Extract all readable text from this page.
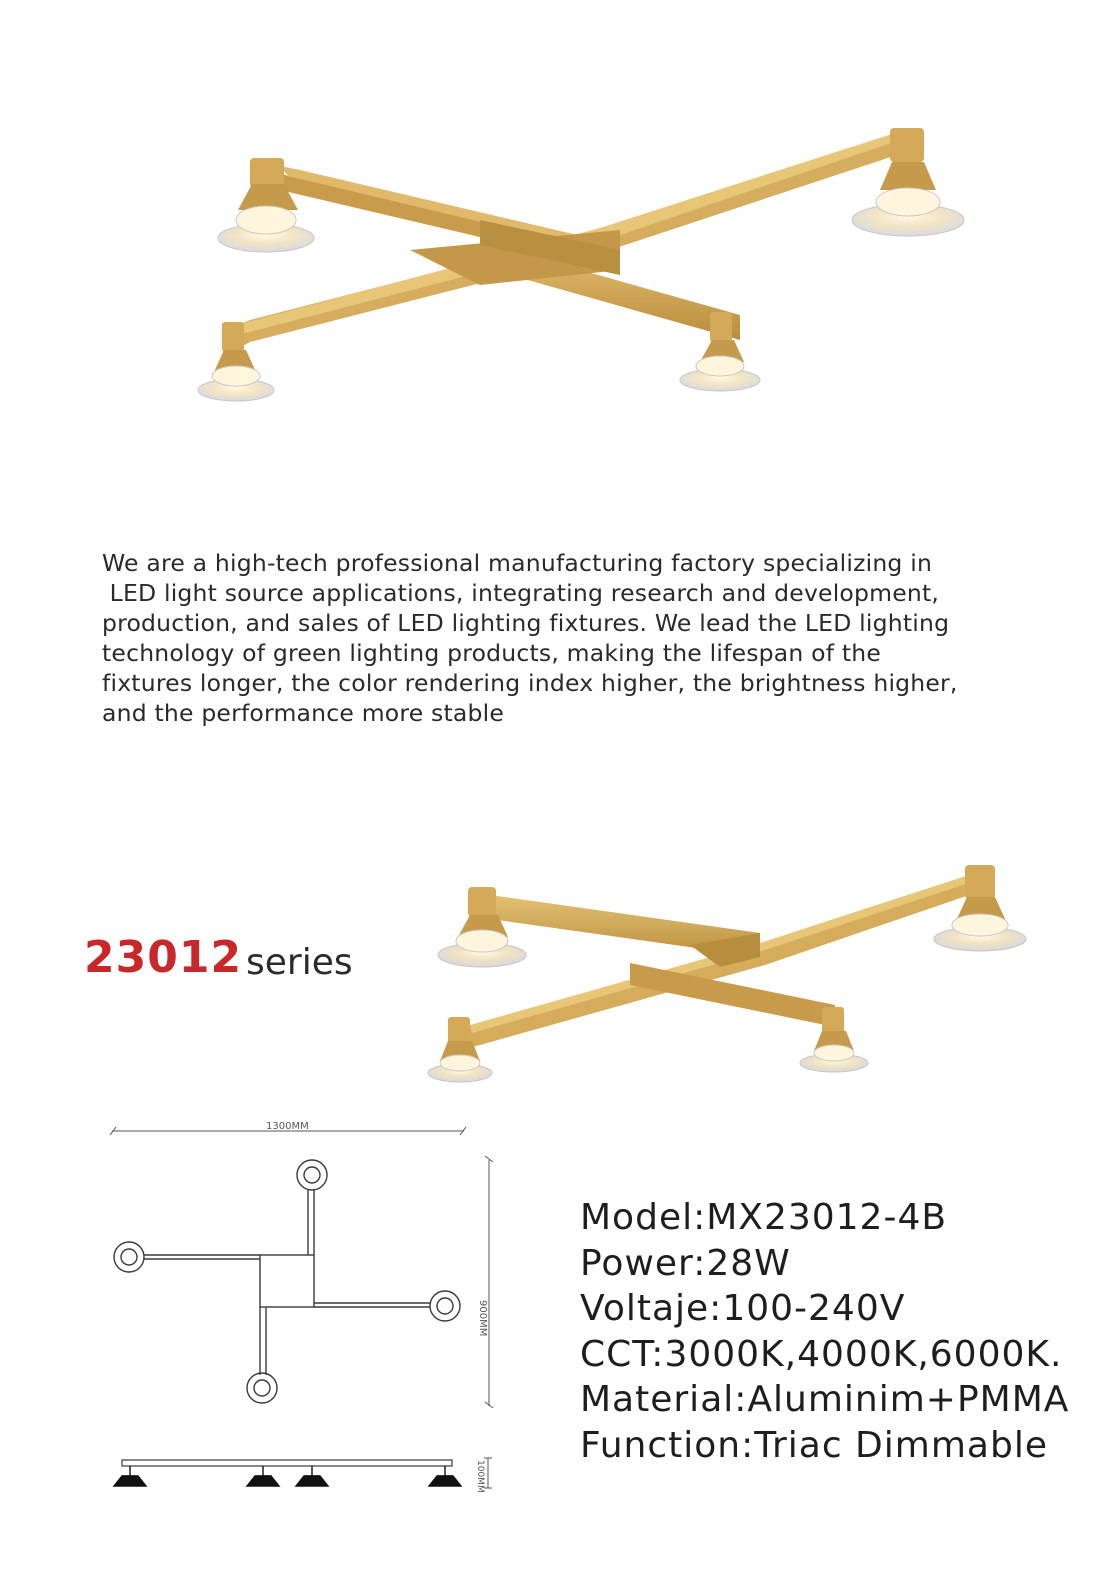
We are a high-tech professional manufacturing factory specializing in

LED light source applications, integrating research and development,

production, and sales of LED lighting fixtures. We lead the LED lighting

technology of green lighting products, making the lifespan of the

fixtures longer, the color rendering index higher, the brightness higher,

and the performance more stable

23012 series
1300MM
900MM
100MM
Model:MX23012-4B
Power:28W
Voltaje:100-240V
CCT:3000K,4000K,6000K.
Material:Aluminim+PMMA
Function:Triac Dimmable
